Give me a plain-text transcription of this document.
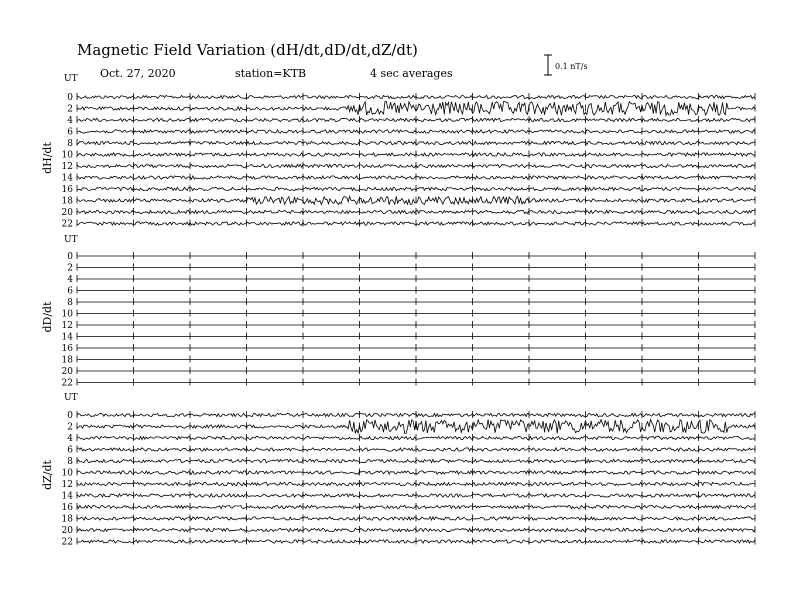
Magnetic Field Variation (dH/dt,dD/dt,dZ/dt)
Oct. 27, 2020	station=KTB	4 sec averages
0.1 nT/s
UT
dH/dt
0
2
4
6
8
10
12
14
16
18
20
22
UT
dD/dt
0
2
4
6
8
10
12
14
16
18
20
22
UT
dZ/dt
0
2
4
6
8
10
12
14
16
18
20
22
